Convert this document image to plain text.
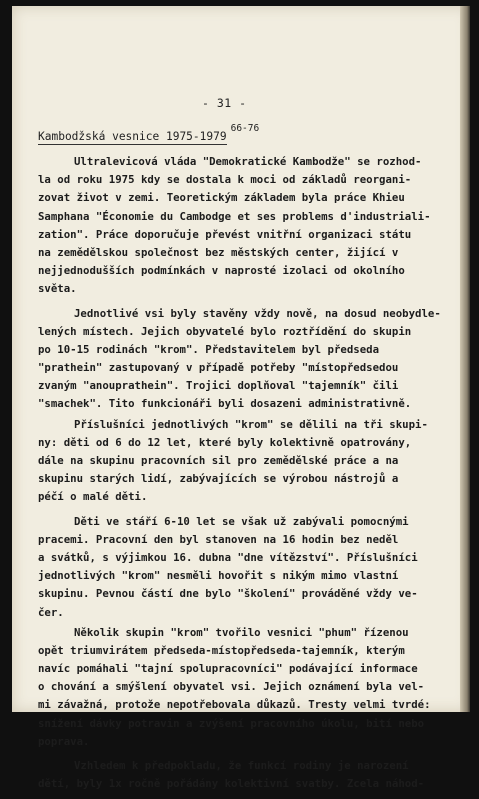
- 31 -
Kambodžská vesnice 1975-1979$^{66-76}$
Ultralevicová vláda "Demokratické Kambodže" se rozhod-
la od roku 1975 kdy se dostala k moci od základů reorgani-
zovat život v zemi. Teoretickým základem byla práce Khieu
Samphana "Économie du Cambodge et ses problems d'industriali-
zation". Práce doporučuje převést vnitřní organizaci státu
na zemědělskou společnost bez městských center, žijící v
nejjednodušších podmínkách v naprosté izolaci od okolního
světa.
Jednotlivé vsi byly stavěny vždy nově, na dosud neobydle-
lených místech. Jejich obyvatelé bylo roztřídění do skupin
po 10-15 rodinách "krom". Představitelem byl předseda
"prathein" zastupovaný v případě potřeby "místopředsedou
zvaným "anouprathein". Trojici doplňoval "tajemník" čili
"smachek". Tito funkcionáři byli dosazeni administrativně.
Příslušníci jednotlivých "krom" se dělili na tři skupi-
ny: děti od 6 do 12 let, které byly kolektivně opatrovány,
dále na skupinu pracovních sil pro zemědělské práce a na
skupinu starých lidí, zabývajících se výrobou nástrojů a
péčí o malé děti.
Děti ve stáří 6-10 let se však už zabývali pomocnými
pracemi. Pracovní den byl stanoven na 16 hodin bez neděl
a svátků, s výjimkou 16. dubna "dne vítězství". Příslušníci
jednotlivých "krom" nesměli hovořit s nikým mimo vlastní
skupinu. Pevnou částí dne bylo "školení" prováděné vždy ve-
čer.
Několik skupin "krom" tvořilo vesnici "phum" řízenou
opět triumvirátem předseda-místopředseda-tajemník, kterým
navíc pomáhali "tajní spolupracovníci" podávající informace
o chování a smýšlení obyvatel vsi. Jejich oznámení byla vel-
mi závažná, protože nepotřebovala důkazů. Tresty velmi tvrdé:
snížení dávky potravin a zvýšení pracovního úkolu, bití nebo
poprava.
Vzhledem k předpokladu, že funkcí rodiny je narození
dětí, byly 1x ročně pořádány kolektivní svatby. Zcela náhod-
